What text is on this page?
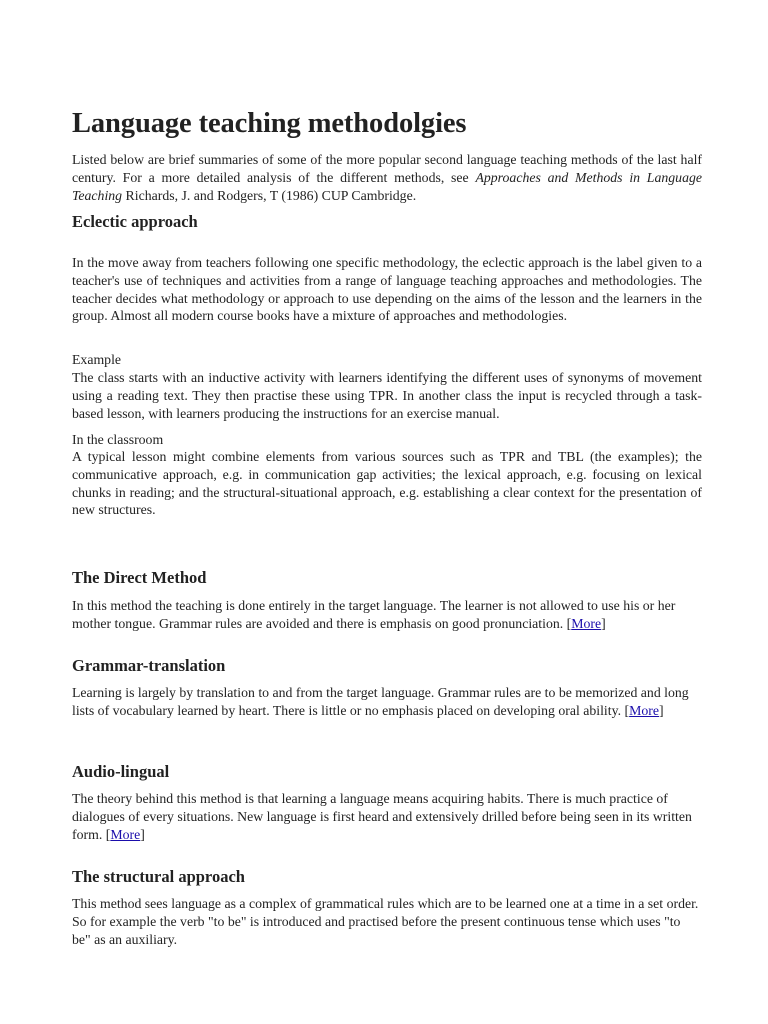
Language teaching methodolgies

Listed below are brief summaries of some of the more popular second language teaching methods of the last half century. For a more detailed analysis of the different methods, see Approaches and Methods in Language Teaching Richards, J. and Rodgers, T (1986) CUP Cambridge.

Eclectic approach

In the move away from teachers following one specific methodology, the eclectic approach is the label given to a teacher's use of techniques and activities from a range of language teaching approaches and methodologies. The teacher decides what methodology or approach to use depending on the aims of the lesson and the learners in the group. Almost all modern course books have a mixture of approaches and methodologies.

Example

The class starts with an inductive activity with learners identifying the different uses of synonyms of movement using a reading text. They then practise these using TPR. In another class the input is recycled through a task-based lesson, with learners producing the instructions for an exercise manual.

In the classroom

A typical lesson might combine elements from various sources such as TPR and TBL (the examples); the communicative approach, e.g. in communication gap activities; the lexical approach, e.g. focusing on lexical chunks in reading; and the structural-situational approach, e.g. establishing a clear context for the presentation of new structures.

The Direct Method

In this method the teaching is done entirely in the target language. The learner is not allowed to use his or her mother tongue. Grammar rules are avoided and there is emphasis on good pronunciation. [More]

Grammar-translation

Learning is largely by translation to and from the target language. Grammar rules are to be memorized and long lists of vocabulary learned by heart. There is little or no emphasis placed on developing oral ability. [More]

Audio-lingual

The theory behind this method is that learning a language means acquiring habits. There is much practice of dialogues of every situations. New language is first heard and extensively drilled before being seen in its written form. [More]

The structural approach

This method sees language as a complex of grammatical rules which are to be learned one at a time in a set order. So for example the verb "to be" is introduced and practised before the present continuous tense which uses "to be" as an auxiliary.
